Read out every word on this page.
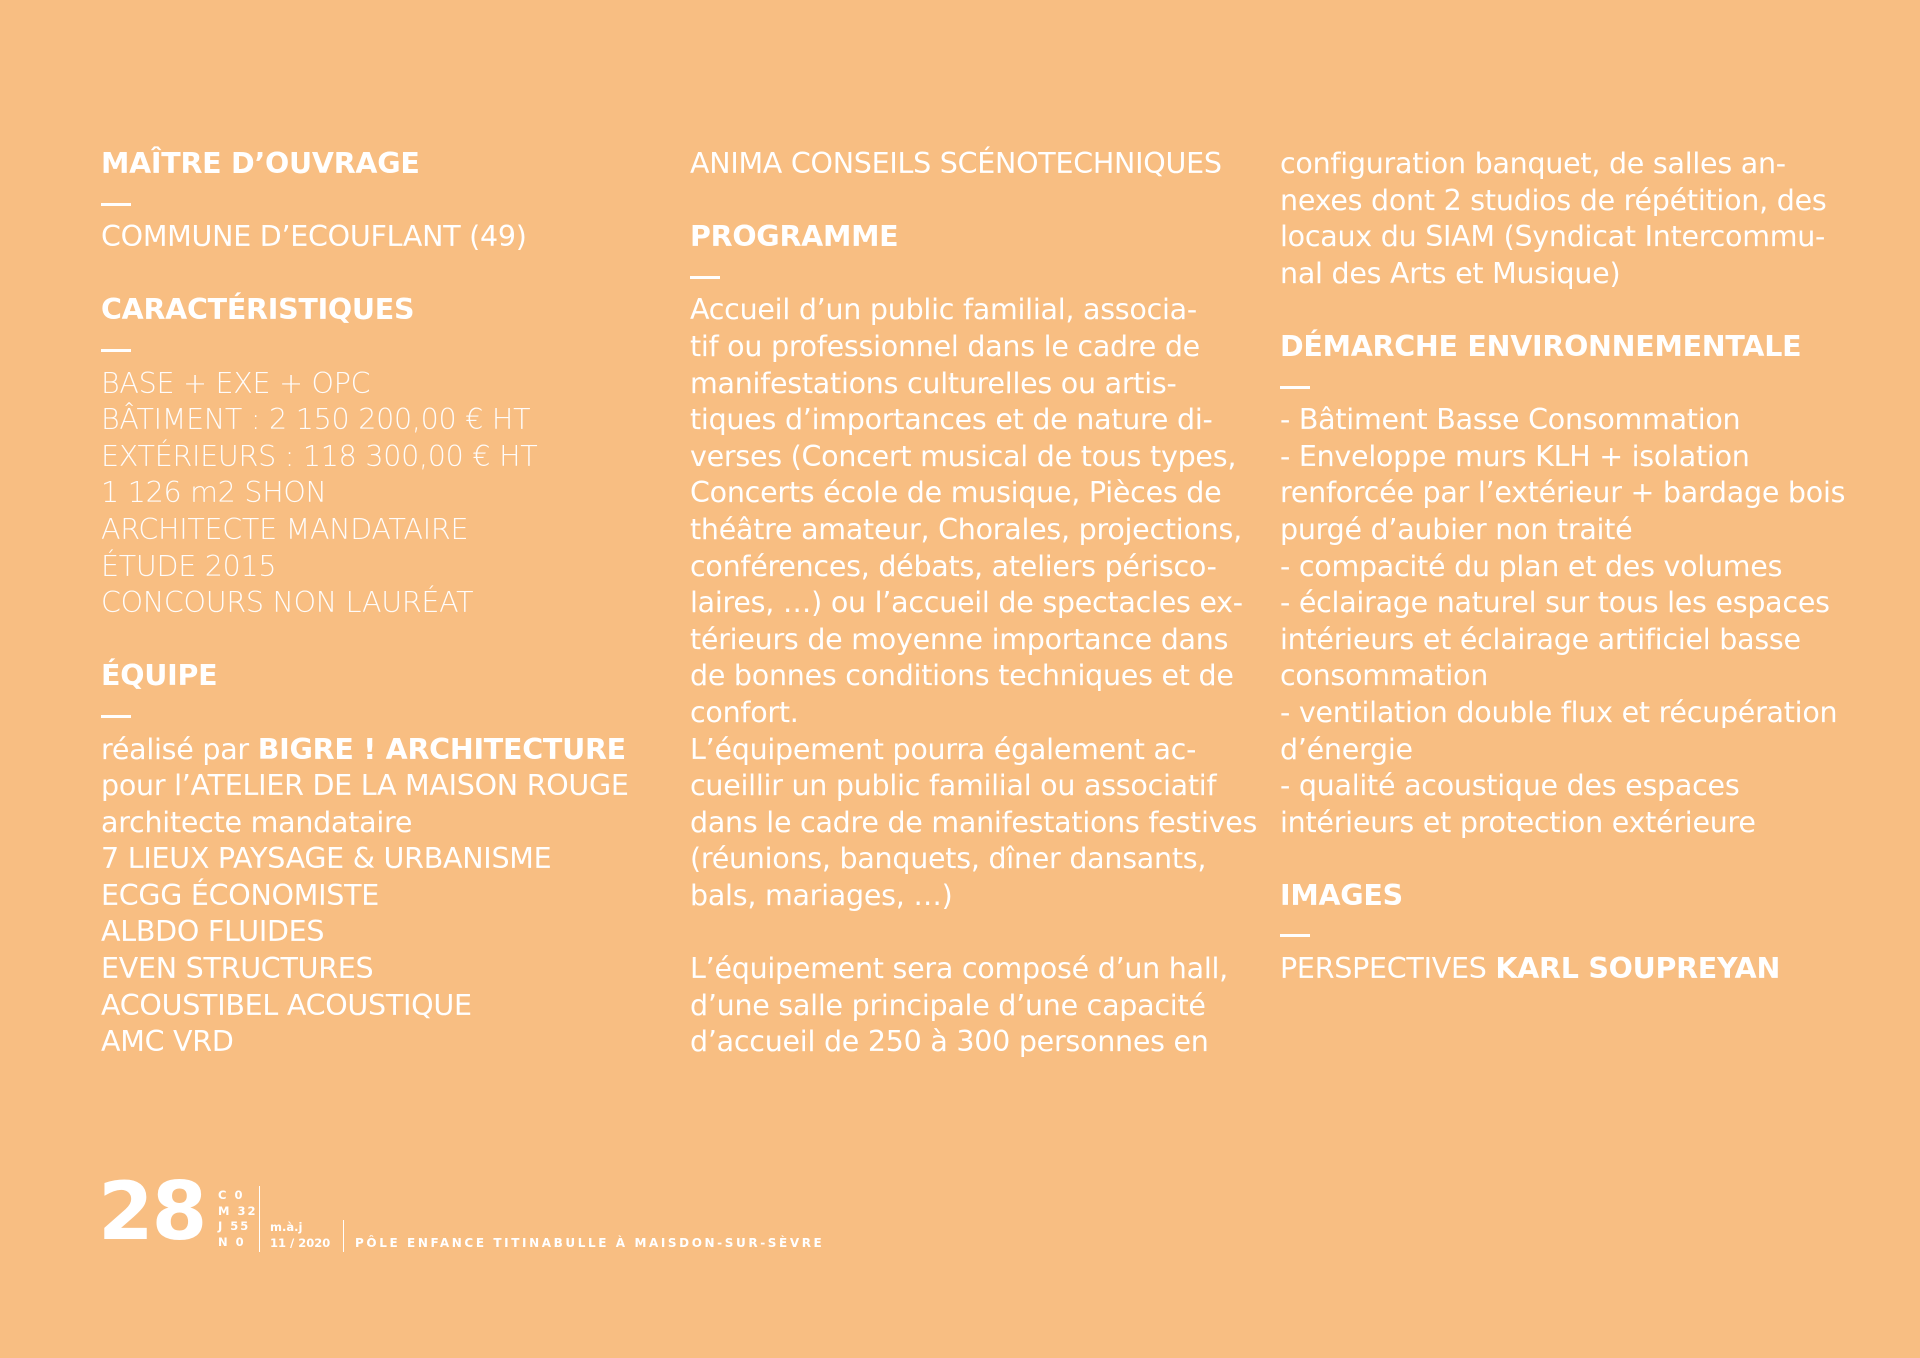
MAÎTRE D’OUVRAGE
COMMUNE D’ECOUFLANT (49)
CARACTÉRISTIQUES
BASE + EXE + OPC
BÂTIMENT : 2 150 200,00 € HT
EXTÉRIEURS : 118 300,00 € HT
1 126 m2 SHON
ARCHITECTE MANDATAIRE
ÉTUDE 2015
CONCOURS NON LAURÉAT
ÉQUIPE
réalisé par BIGRE ! ARCHITECTURE
pour l’ATELIER DE LA MAISON ROUGE
architecte mandataire
7 LIEUX PAYSAGE & URBANISME
ECGG ÉCONOMISTE
ALBDO FLUIDES
EVEN STRUCTURES
ACOUSTIBEL ACOUSTIQUE
AMC VRD
ANIMA CONSEILS SCÉNOTECHNIQUES
PROGRAMME
Accueil d’un public familial, associa-
tif ou professionnel dans le cadre de
manifestations culturelles ou artis-
tiques d’importances et de nature di-
verses (Concert musical de tous types,
Concerts école de musique, Pièces de
théâtre amateur, Chorales, projections,
conférences, débats, ateliers périsco-
laires, …) ou l’accueil de spectacles ex-
térieurs de moyenne importance dans
de bonnes conditions techniques et de
confort.
L’équipement pourra également ac-
cueillir un public familial ou associatif
dans le cadre de manifestations festives
(réunions, banquets, dîner dansants,
bals, mariages, …)
L’équipement sera composé d’un hall,
d’une salle principale d’une capacité
d’accueil de 250 à 300 personnes en
configuration banquet, de salles an-
nexes dont 2 studios de répétition, des
locaux du SIAM (Syndicat Intercommu-
nal des Arts et Musique)
DÉMARCHE ENVIRONNEMENTALE
- Bâtiment Basse Consommation
- Enveloppe murs KLH + isolation
renforcée par l’extérieur + bardage bois
purgé d’aubier non traité
- compacité du plan et des volumes
- éclairage naturel sur tous les espaces
intérieurs et éclairage artificiel basse
consommation
- ventilation double flux et récupération
d’énergie
- qualité acoustique des espaces
intérieurs et protection extérieure
IMAGES
PERSPECTIVES KARL SOUPREYAN
28 C 0
M 32
J 55
N 0
m.à.j
11 / 2020 PÔLE ENFANCE TITINABULLE À MAISDON-SUR-SÈVRE
